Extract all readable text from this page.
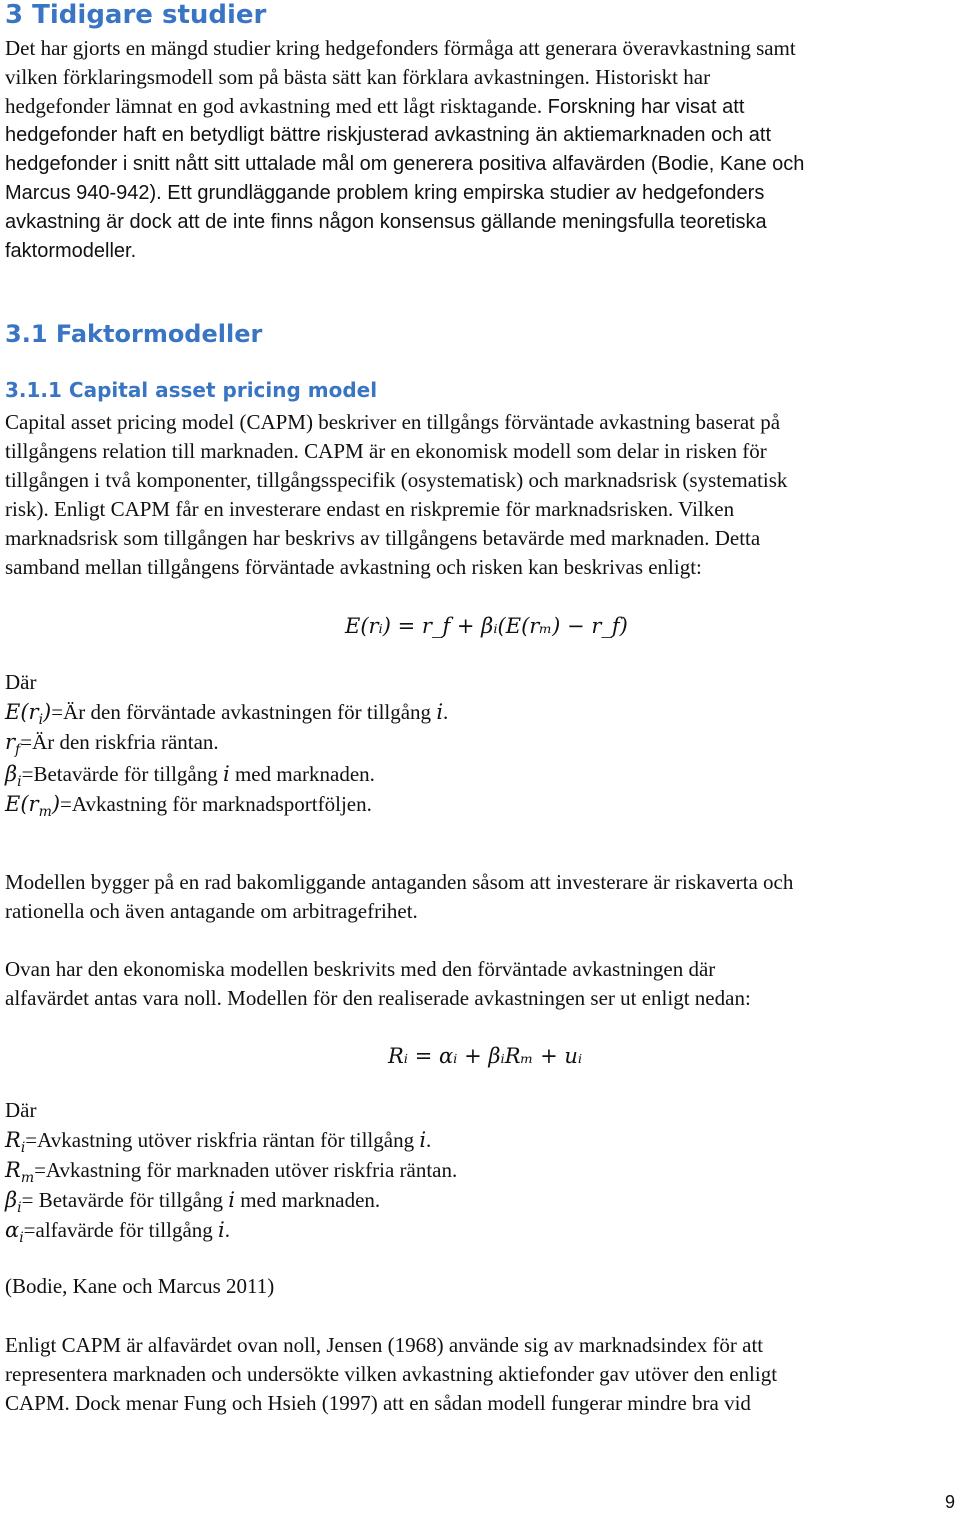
3 Tidigare studier
Det har gjorts en mängd studier kring hedgefonders förmåga att generara överavkastning samt
vilken förklaringsmodell som på bästa sätt kan förklara avkastningen. Historiskt har
hedgefonder lämnat en god avkastning med ett lågt risktagande. Forskning har visat att
hedgefonder haft en betydligt bättre riskjusterad avkastning än aktiemarknaden och att
hedgefonder i snitt nått sitt uttalade mål om generera positiva alfavärden (Bodie, Kane och
Marcus 940-942). Ett grundläggande problem kring empirska studier av hedgefonders
avkastning är dock att de inte finns någon konsensus gällande meningsfulla teoretiska
faktormodeller.
3.1 Faktormodeller
3.1.1 Capital asset pricing model
Capital asset pricing model (CAPM) beskriver en tillgångs förväntade avkastning baserat på
tillgångens relation till marknaden. CAPM är en ekonomisk modell som delar in risken för
tillgången i två komponenter, tillgångsspecifik (osystematisk) och marknadsrisk (systematisk
risk). Enligt CAPM får en investerare endast en riskpremie för marknadsrisken. Vilken
marknadsrisk som tillgången har beskrivs av tillgångens betavärde med marknaden. Detta
samband mellan tillgångens förväntade avkastning och risken kan beskrivas enligt:
E(rᵢ) = r_f + βᵢ(E(rₘ) − r_f)
Där
$E(r_i)=Är$ den förväntade avkastningen för tillgång i.
$r_f=Är$ den riskfria räntan.
$\beta_i=Betavärde$ för tillgång i med marknaden.
$E(r_m)=Avkastning$ för marknadsportföljen.
Modellen bygger på en rad bakomliggande antaganden såsom att investerare är riskaverta och
rationella och även antagande om arbitragefrihet.
Ovan har den ekonomiska modellen beskrivits med den förväntade avkastningen där
alfavärdet antas vara noll. Modellen för den realiserade avkastningen ser ut enligt nedan:
Rᵢ = αᵢ + βᵢRₘ + uᵢ
Där
$R_i=Avkastning$ utöver riskfria räntan för tillgång i.
$R_m=Avkastning$ för marknaden utöver riskfria räntan.
$\beta_i=$ Betavärde för tillgång i med marknaden.
$\alpha_i=alfavärde$ för tillgång i.
(Bodie, Kane och Marcus 2011)
Enligt CAPM är alfavärdet ovan noll, Jensen (1968) använde sig av marknadsindex för att
representera marknaden och undersökte vilken avkastning aktiefonder gav utöver den enligt
CAPM. Dock menar Fung och Hsieh (1997) att en sådan modell fungerar mindre bra vid
9
